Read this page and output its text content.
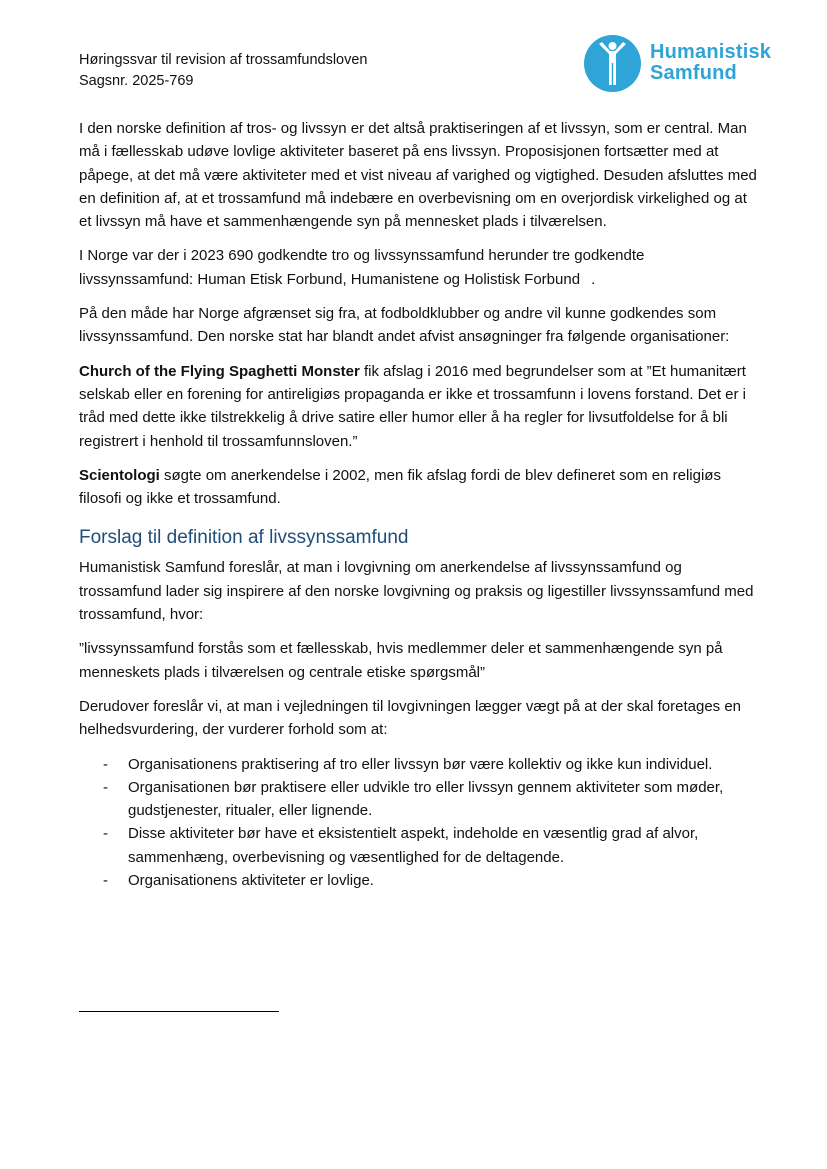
Høringssvar til revision af trossamfundsloven
Sagsnr. 2025-769
Humanistisk
Samfund

I den norske definition af tros- og livssyn er det altså praktiseringen af et livssyn, som er central. Man må i fællesskab udøve lovlige aktiviteter baseret på ens livssyn. Proposisjonen fortsætter med at påpege, at det må være aktiviteter med et vist niveau af varighed og vigtighed. Desuden afsluttes med en definition af, at et trossamfund må indebære en overbevisning om en overjordisk virkelighed og at et livssyn må have et sammenhængende syn på mennesket plads i tilværelsen.

I Norge var der i 2023 690 godkendte tro og livssynssamfund herunder tre godkendte livssynssamfund: Human Etisk Forbund, Humanistene og Holistisk Forbund .

På den måde har Norge afgrænset sig fra, at fodboldklubber og andre vil kunne godkendes som livssynssamfund. Den norske stat har blandt andet afvist ansøgninger fra følgende organisationer:

Church of the Flying Spaghetti Monster fik afslag i 2016 med begrundelser som at ”Et humanitært selskab eller en forening for antireligiøs propaganda er ikke et trossamfunn i lovens forstand. Det er i tråd med dette ikke tilstrekkelig å drive satire eller humor eller å ha regler for livsutfoldelse for å bli registrert i henhold til trossamfunnsloven.”

Scientologi søgte om anerkendelse i 2002, men fik afslag fordi de blev defineret som en religiøs filosofi og ikke et trossamfund.

Forslag til definition af livssynssamfund

Humanistisk Samfund foreslår, at man i lovgivning om anerkendelse af livssynssamfund og trossamfund lader sig inspirere af den norske lovgivning og praksis og ligestiller livssynssamfund med trossamfund, hvor:

”livssynssamfund forstås som et fællesskab, hvis medlemmer deler et sammenhængende syn på menneskets plads i tilværelsen og centrale etiske spørgsmål”

Derudover foreslår vi, at man i vejledningen til lovgivningen lægger vægt på at der skal foretages en helhedsvurdering, der vurderer forhold som at:

- Organisationens praktisering af tro eller livssyn bør være kollektiv og ikke kun individuel.
- Organisationen bør praktisere eller udvikle tro eller livssyn gennem aktiviteter som møder, gudstjenester, ritualer, eller lignende.
- Disse aktiviteter bør have et eksistentielt aspekt, indeholde en væsentlig grad af alvor, sammenhæng, overbevisning og væsentlighed for de deltagende.
- Organisationens aktiviteter er lovlige.
